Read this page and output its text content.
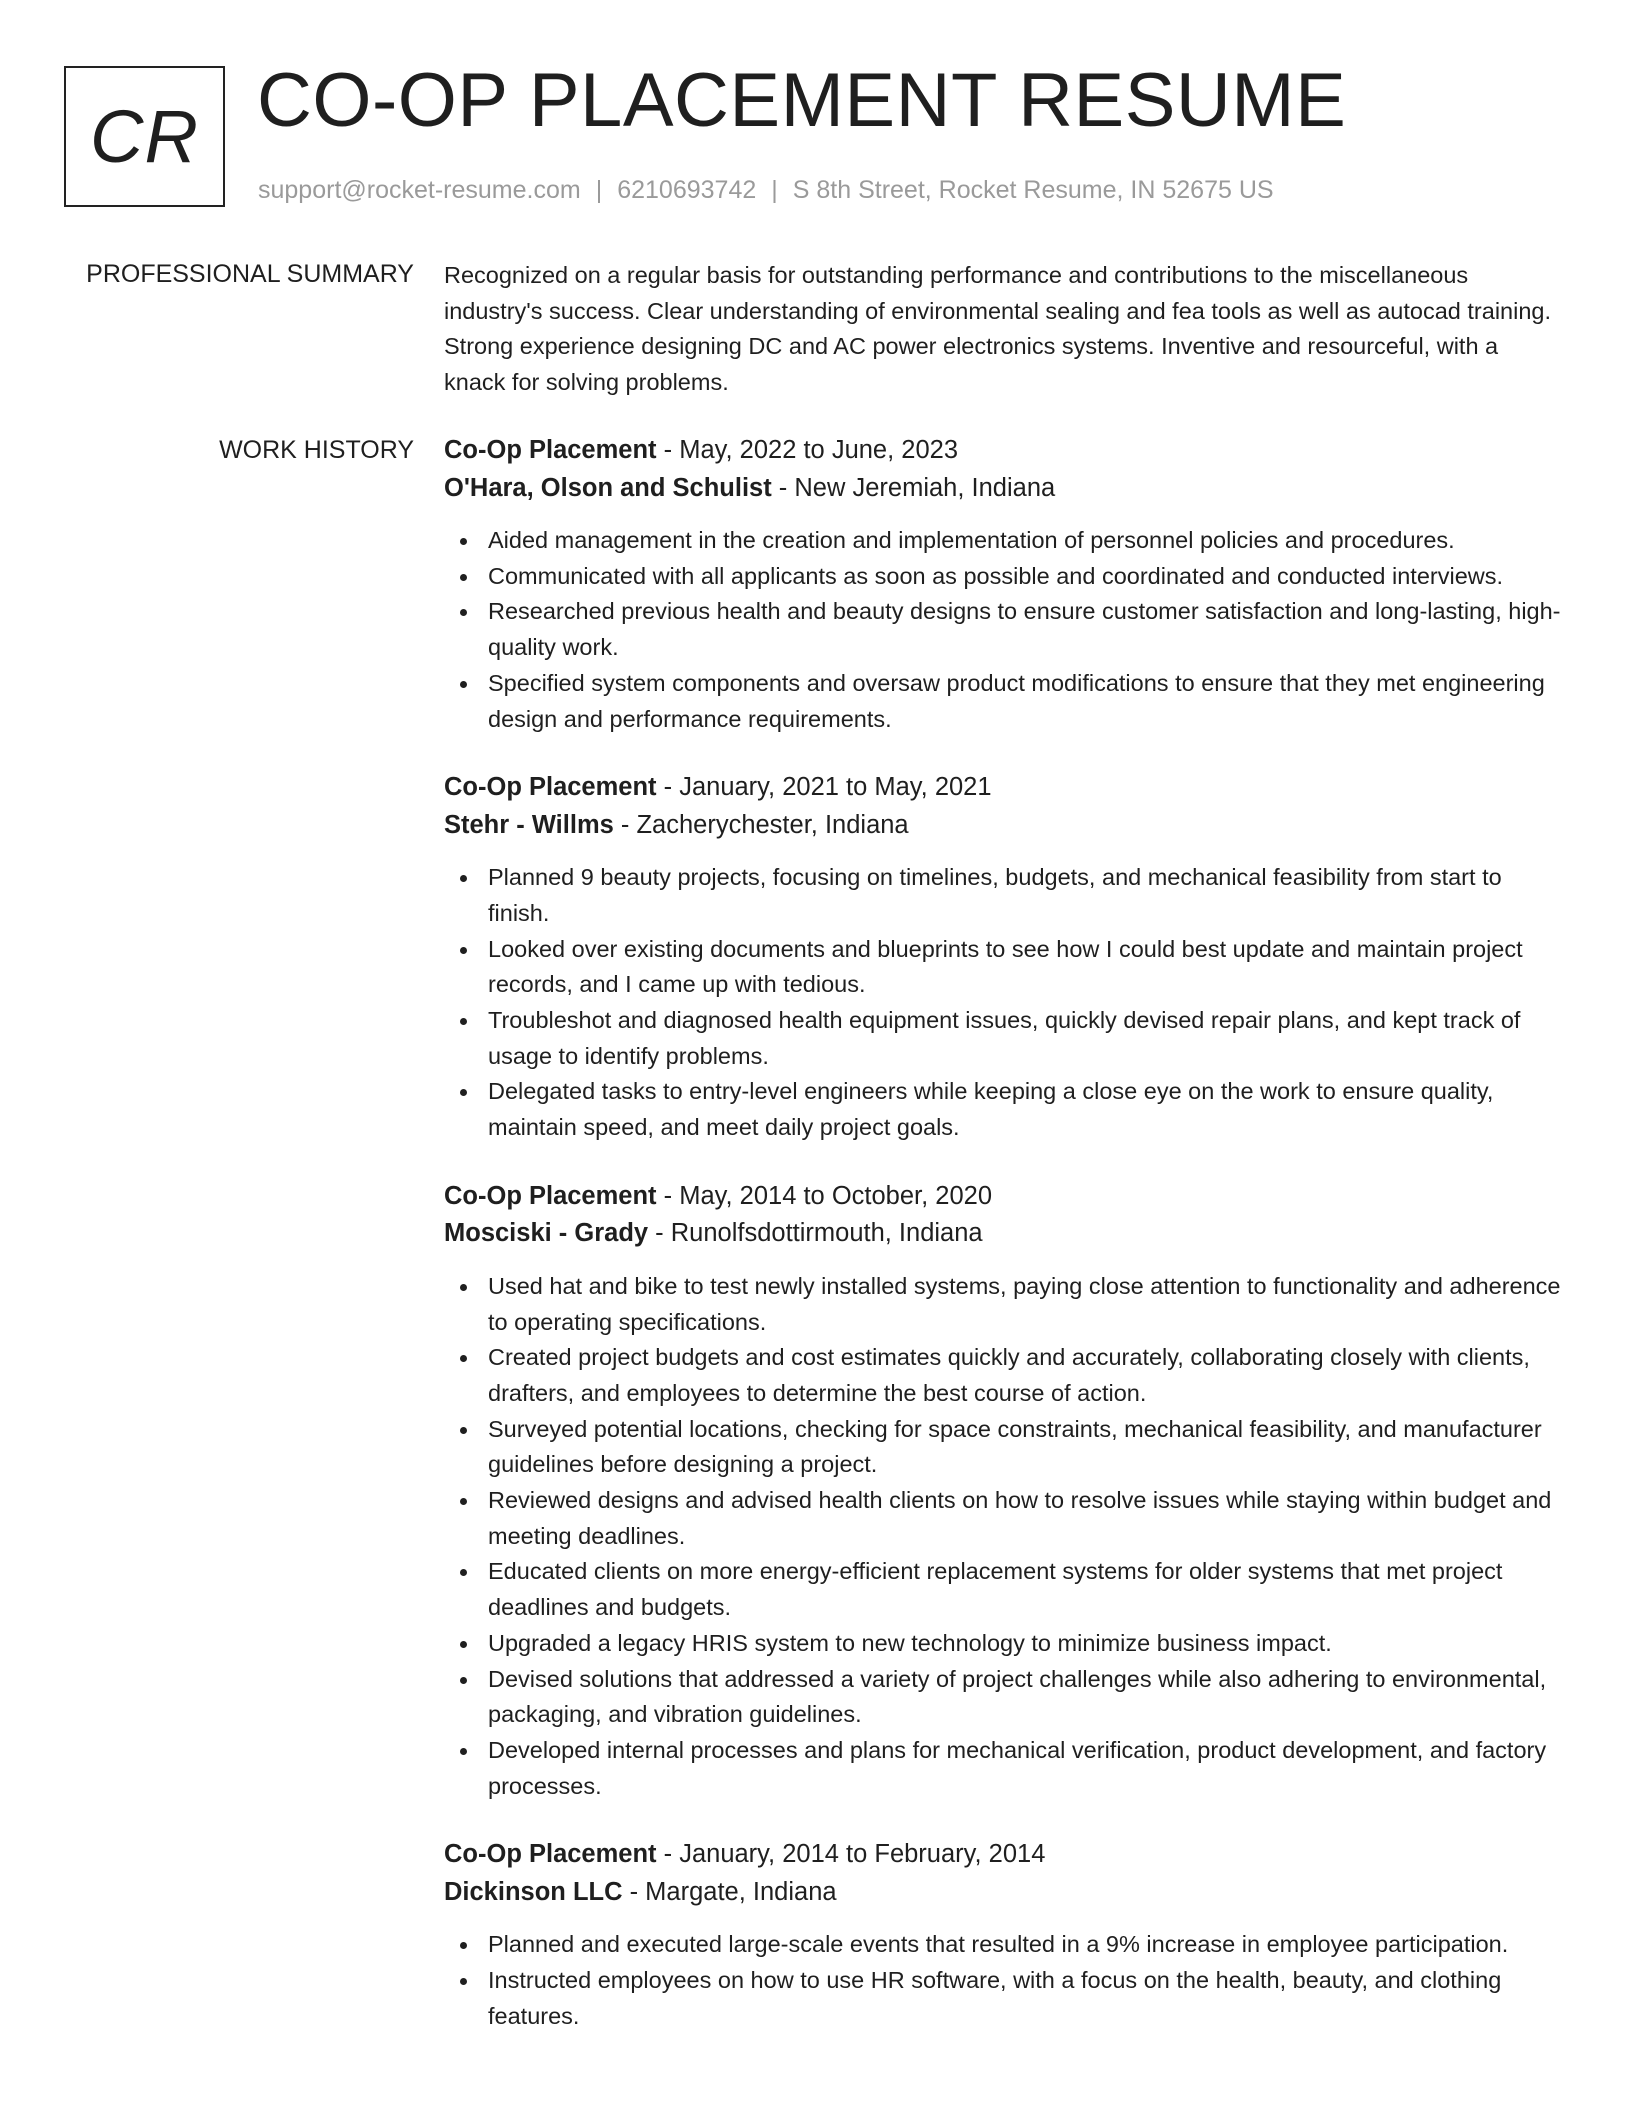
CR CO-OP PLACEMENT RESUME
support@rocket-resume.com | 6210693742 | S 8th Street, Rocket Resume, IN 52675 US
PROFESSIONAL SUMMARY Recognized on a regular basis for outstanding performance and contributions to the miscellaneous industry's success. Clear understanding of environmental sealing and fea tools as well as autocad training. Strong experience designing DC and AC power electronics systems. Inventive and resourceful, with a knack for solving problems.

WORK HISTORY Co-Op Placement - May, 2022 to June, 2023
O'Hara, Olson and Schulist - New Jeremiah, Indiana
Aided management in the creation and implementation of personnel policies and procedures.
Communicated with all applicants as soon as possible and coordinated and conducted interviews.
Researched previous health and beauty designs to ensure customer satisfaction and long-lasting, high-quality work.
Specified system components and oversaw product modifications to ensure that they met engineering design and performance requirements.
Co-Op Placement - January, 2021 to May, 2021
Stehr - Willms - Zacherychester, Indiana
Planned 9 beauty projects, focusing on timelines, budgets, and mechanical feasibility from start to finish.
Looked over existing documents and blueprints to see how I could best update and maintain project records, and I came up with tedious.
Troubleshot and diagnosed health equipment issues, quickly devised repair plans, and kept track of usage to identify problems.
Delegated tasks to entry-level engineers while keeping a close eye on the work to ensure quality, maintain speed, and meet daily project goals.
Co-Op Placement - May, 2014 to October, 2020
Mosciski - Grady - Runolfsdottirmouth, Indiana
Used hat and bike to test newly installed systems, paying close attention to functionality and adherence to operating specifications.
Created project budgets and cost estimates quickly and accurately, collaborating closely with clients, drafters, and employees to determine the best course of action.
Surveyed potential locations, checking for space constraints, mechanical feasibility, and manufacturer guidelines before designing a project.
Reviewed designs and advised health clients on how to resolve issues while staying within budget and meeting deadlines.
Educated clients on more energy-efficient replacement systems for older systems that met project deadlines and budgets.
Upgraded a legacy HRIS system to new technology to minimize business impact.
Devised solutions that addressed a variety of project challenges while also adhering to environmental, packaging, and vibration guidelines.
Developed internal processes and plans for mechanical verification, product development, and factory processes.
Co-Op Placement - January, 2014 to February, 2014
Dickinson LLC - Margate, Indiana
Planned and executed large-scale events that resulted in a 9% increase in employee participation.
Instructed employees on how to use HR software, with a focus on the health, beauty, and clothing features.
